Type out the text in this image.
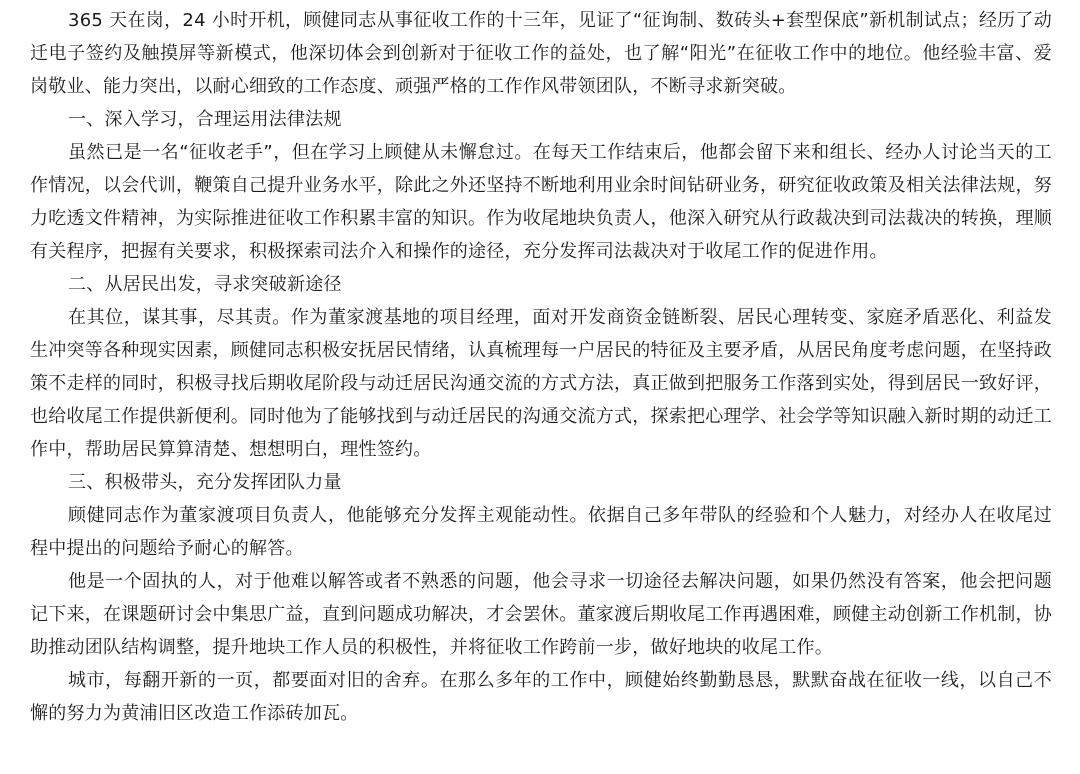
365 天在岗，24 小时开机，顾健同志从事征收工作的十三年，见证了“征询制、数砖头+套型保底”新机制试点；经历了动迁电子签约及触摸屏等新模式，他深切体会到创新对于征收工作的益处，也了解“阳光”在征收工作中的地位。他经验丰富、爱岗敬业、能力突出，以耐心细致的工作态度、顽强严格的工作作风带领团队，不断寻求新突破。

一、深入学习，合理运用法律法规

虽然已是一名“征收老手”，但在学习上顾健从未懈怠过。在每天工作结束后，他都会留下来和组长、经办人讨论当天的工作情况，以会代训，鞭策自己提升业务水平，除此之外还坚持不断地利用业余时间钻研业务，研究征收政策及相关法律法规，努力吃透文件精神，为实际推进征收工作积累丰富的知识。作为收尾地块负责人，他深入研究从行政裁决到司法裁决的转换，理顺有关程序，把握有关要求，积极探索司法介入和操作的途径，充分发挥司法裁决对于收尾工作的促进作用。

二、从居民出发，寻求突破新途径

在其位，谋其事，尽其责。作为董家渡基地的项目经理，面对开发商资金链断裂、居民心理转变、家庭矛盾恶化、利益发生冲突等各种现实因素，顾健同志积极安抚居民情绪，认真梳理每一户居民的特征及主要矛盾，从居民角度考虑问题，在坚持政策不走样的同时，积极寻找后期收尾阶段与动迁居民沟通交流的方式方法，真正做到把服务工作落到实处，得到居民一致好评，也给收尾工作提供新便利。同时他为了能够找到与动迁居民的沟通交流方式，探索把心理学、社会学等知识融入新时期的动迁工作中，帮助居民算算清楚、想想明白，理性签约。

三、积极带头，充分发挥团队力量

顾健同志作为董家渡项目负责人，他能够充分发挥主观能动性。依据自己多年带队的经验和个人魅力，对经办人在收尾过程中提出的问题给予耐心的解答。

他是一个固执的人，对于他难以解答或者不熟悉的问题，他会寻求一切途径去解决问题，如果仍然没有答案，他会把问题记下来，在课题研讨会中集思广益，直到问题成功解决，才会罢休。董家渡后期收尾工作再遇困难，顾健主动创新工作机制，协助推动团队结构调整，提升地块工作人员的积极性，并将征收工作跨前一步，做好地块的收尾工作。

城市，每翻开新的一页，都要面对旧的舍弃。在那么多年的工作中，顾健始终勤勤恳恳，默默奋战在征收一线，以自己不懈的努力为黄浦旧区改造工作添砖加瓦。
